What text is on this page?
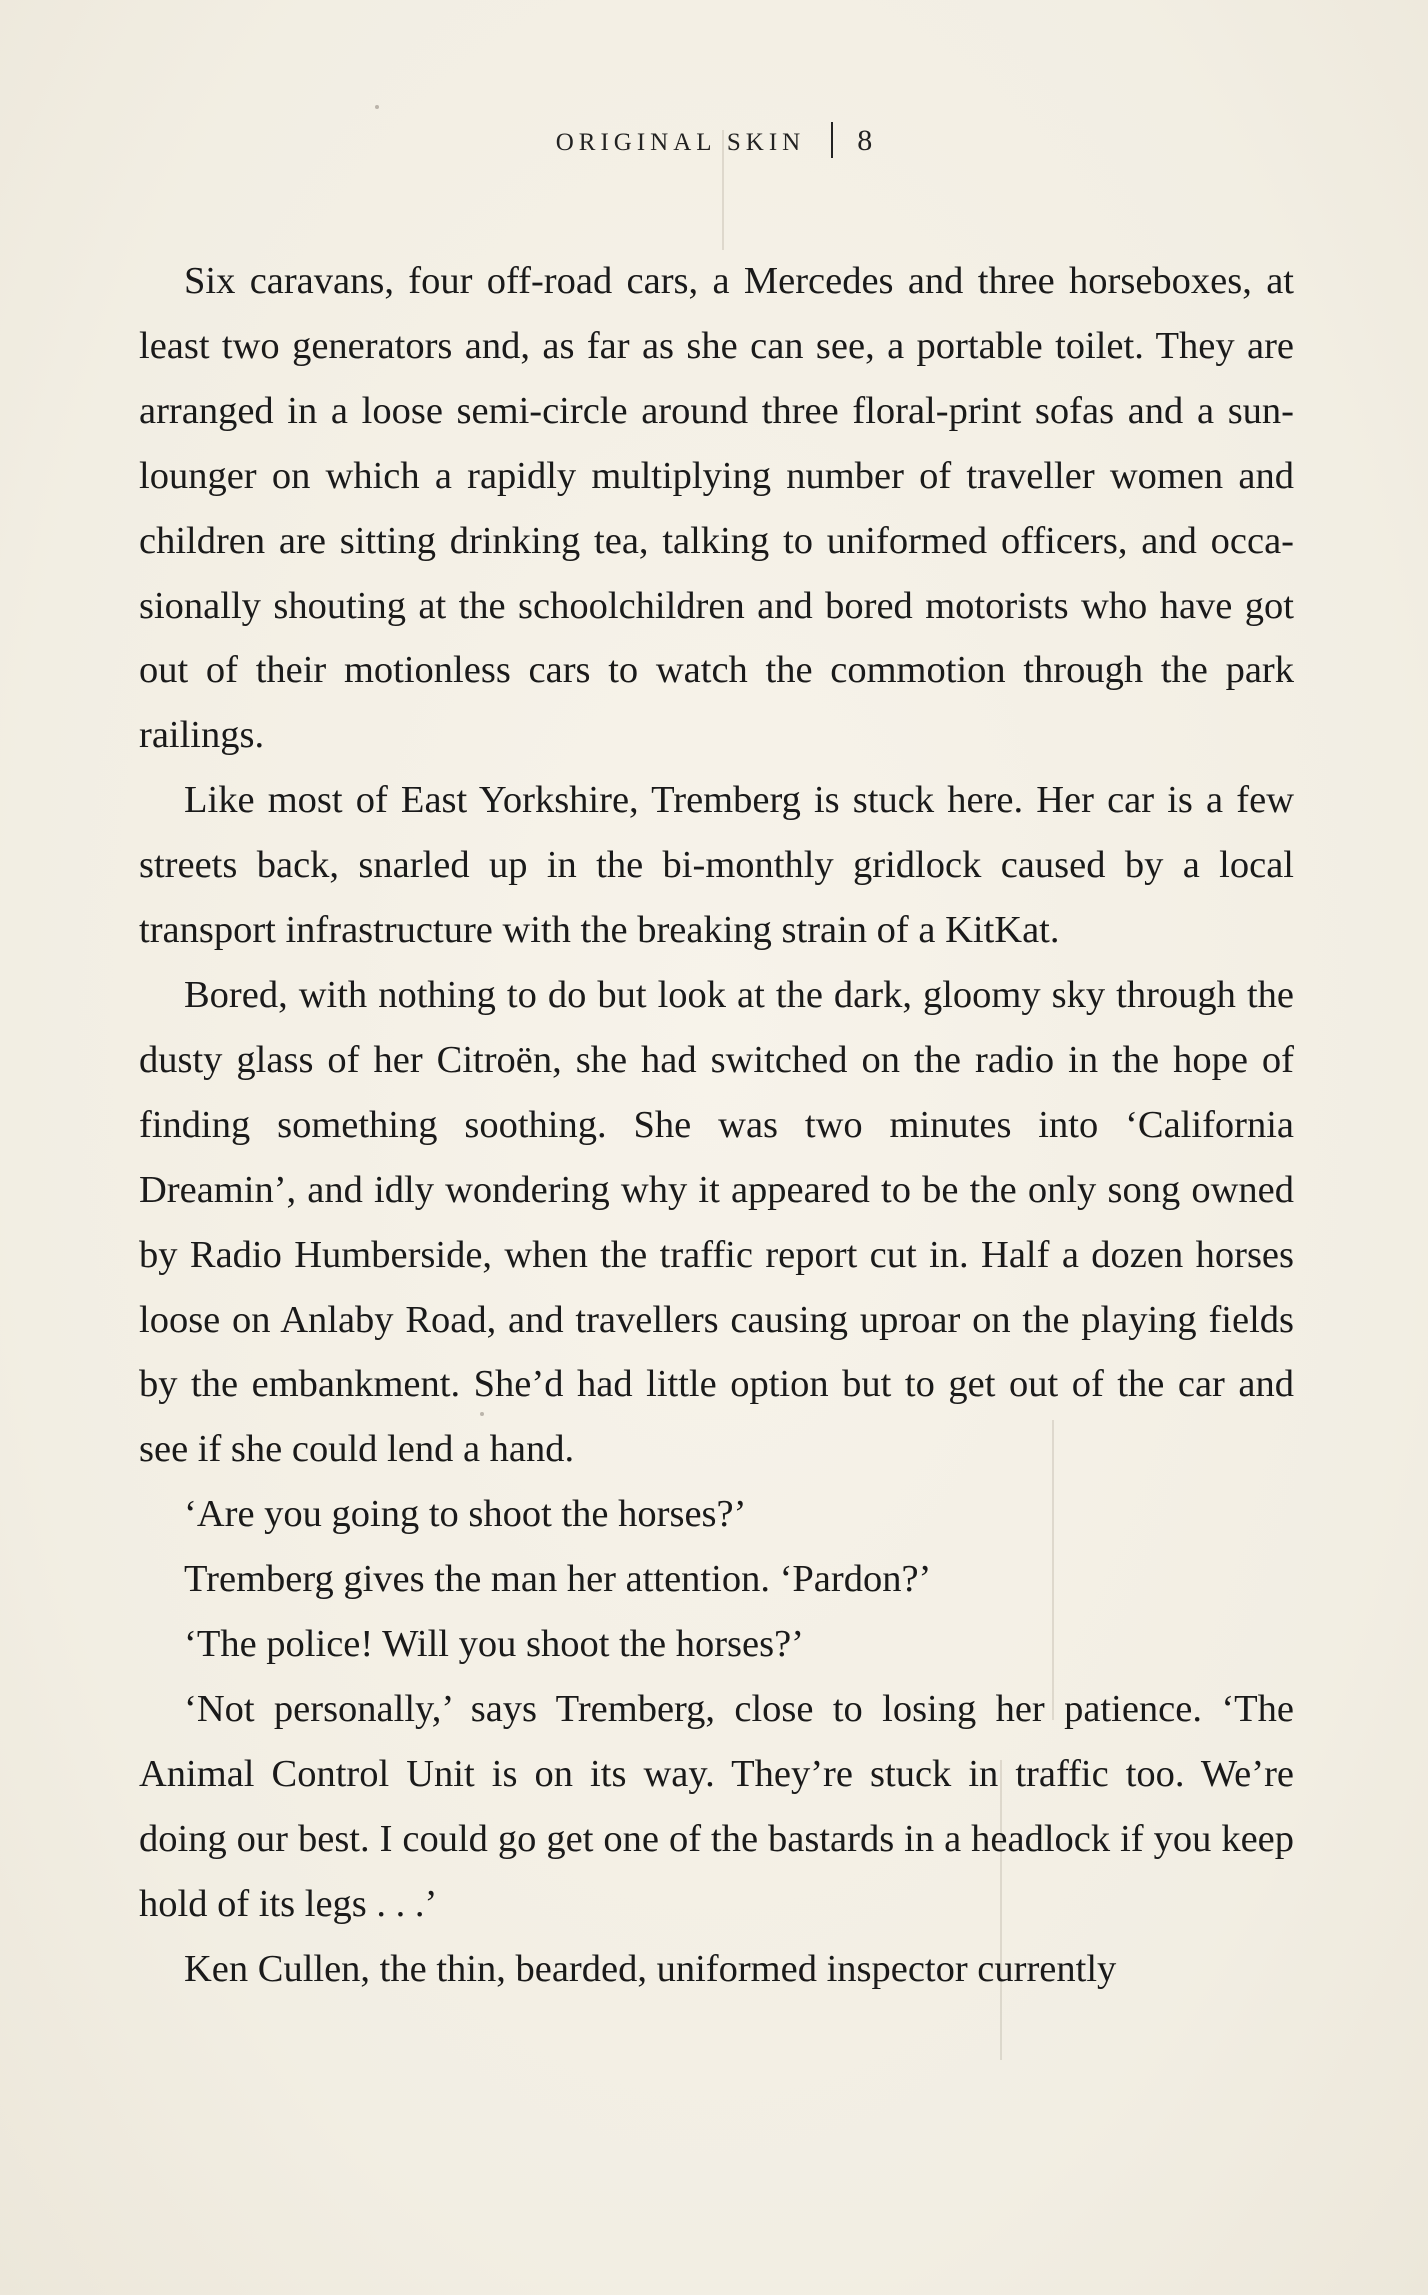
ORIGINAL SKIN 8

Six caravans, four off-road cars, a Mercedes and three horseboxes, at least two generators and, as far as she can see, a portable toilet. They are arranged in a loose semi-circle around three floral-print sofas and a sun-lounger on which a rapidly multiplying number of traveller women and children are sitting drinking tea, talking to uniformed officers, and occasionally shouting at the schoolchildren and bored motorists who have got out of their motionless cars to watch the commotion through the park railings.

Like most of East Yorkshire, Tremberg is stuck here. Her car is a few streets back, snarled up in the bi-monthly gridlock caused by a local transport infrastructure with the breaking strain of a KitKat.

Bored, with nothing to do but look at the dark, gloomy sky through the dusty glass of her Citroën, she had switched on the radio in the hope of finding something soothing. She was two minutes into ‘California Dreamin’, and idly wondering why it appeared to be the only song owned by Radio Humberside, when the traffic report cut in. Half a dozen horses loose on Anlaby Road, and travellers causing uproar on the playing fields by the embankment. She’d had little option but to get out of the car and see if she could lend a hand.

‘Are you going to shoot the horses?’

Tremberg gives the man her attention. ‘Pardon?’

‘The police! Will you shoot the horses?’

‘Not personally,’ says Tremberg, close to losing her patience. ‘The Animal Control Unit is on its way. They’re stuck in traffic too. We’re doing our best. I could go get one of the bastards in a headlock if you keep hold of its legs . . .’

Ken Cullen, the thin, bearded, uniformed inspector currently
